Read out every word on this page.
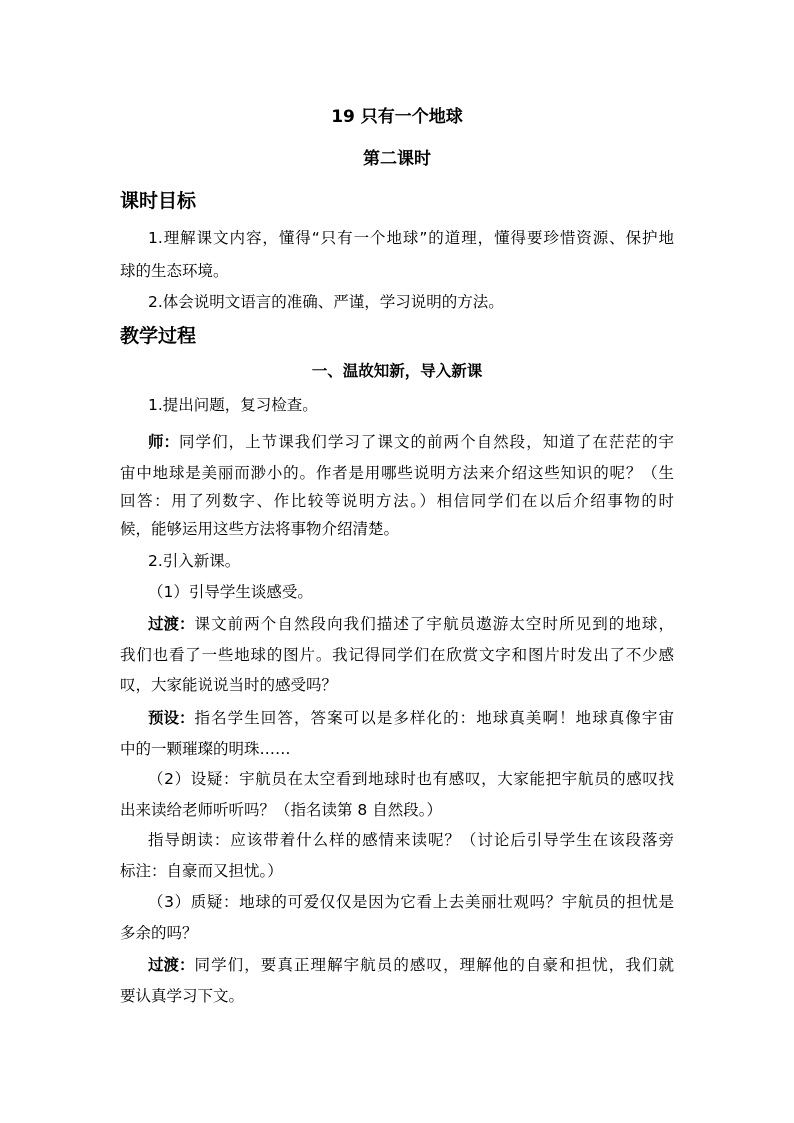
19 只有一个地球
第二课时
课时目标
1.理解课文内容，懂得“只有一个地球”的道理，懂得要珍惜资源、保护地
球的生态环境。
2.体会说明文语言的准确、严谨，学习说明的方法。
教学过程
一、温故知新，导入新课
1.提出问题，复习检查。
师： 同学们，上节课我们学习了课文的前两个自然段，知道了在茫茫的宇
宙中地球是美丽而渺小的。作者是用哪些说明方法来介绍这些知识的呢？（生
回答：用了列数字、作比较等说明方法。）相信同学们在以后介绍事物的时
候，能够运用这些方法将事物介绍清楚。
2.引入新课。
（1）引导学生谈感受。
过渡： 课文前两个自然段向我们描述了宇航员遨游太空时所见到的地球，
我们也看了一些地球的图片。我记得同学们在欣赏文字和图片时发出了不少感
叹，大家能说说当时的感受吗？
预设： 指名学生回答，答案可以是多样化的：地球真美啊！地球真像宇宙
中的一颗璀璨的明珠……
（2）设疑：宇航员在太空看到地球时也有感叹，大家能把宇航员的感叹找
出来读给老师听听吗？（指名读第 8 自然段。）
指导朗读：应该带着什么样的感情来读呢？（讨论后引导学生在该段落旁
标注：自豪而又担忧。）
（3）质疑：地球的可爱仅仅是因为它看上去美丽壮观吗？宇航员的担忧是
多余的吗？
过渡： 同学们，要真正理解宇航员的感叹，理解他的自豪和担忧，我们就
要认真学习下文。
